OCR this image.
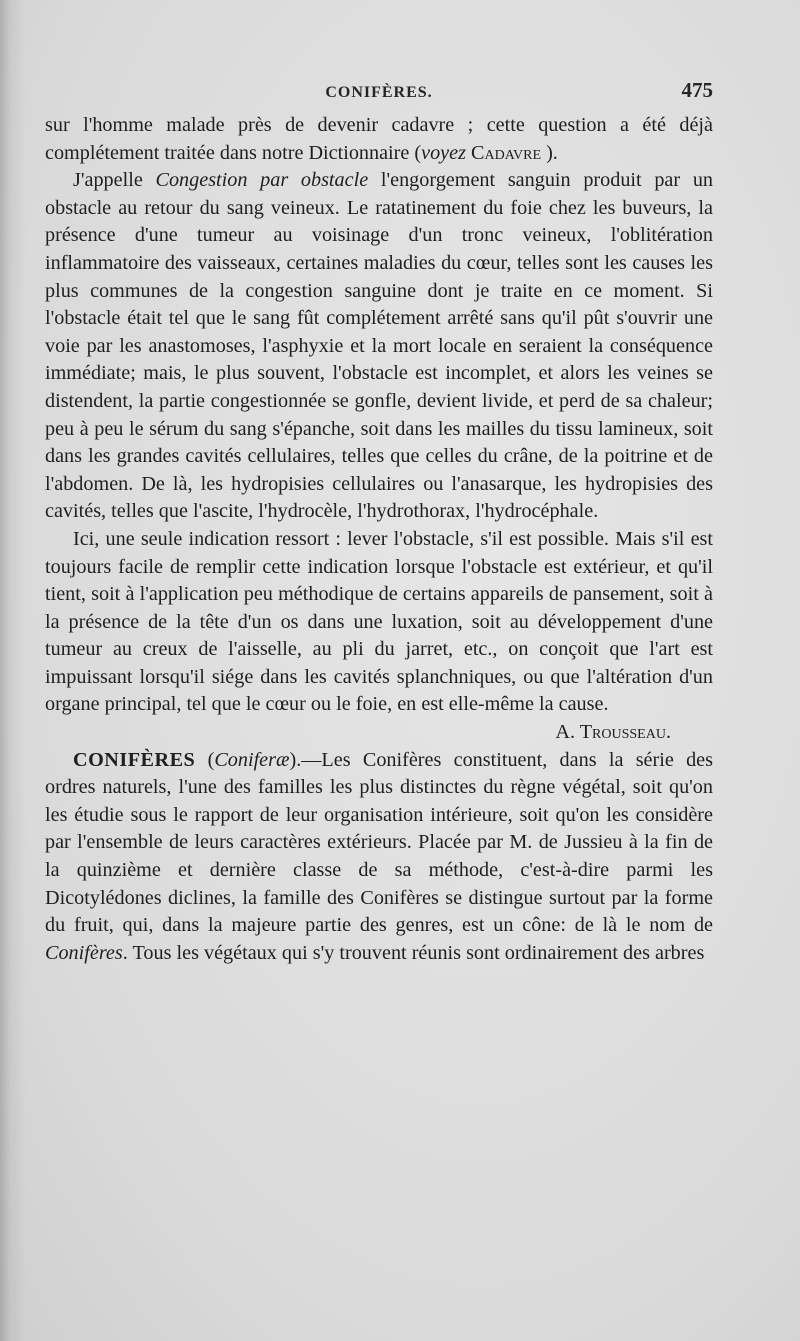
CONIFÈRES.	475

sur l'homme malade près de devenir cadavre ; cette question a été déjà complétement traitée dans notre Dictionnaire (voyez Cadavre ).

J'appelle Congestion par obstacle l'engorgement sanguin produit par un obstacle au retour du sang veineux. Le ratatinement du foie chez les buveurs, la présence d'une tumeur au voisinage d'un tronc veineux, l'oblitération inflammatoire des vaisseaux, certaines maladies du cœur, telles sont les causes les plus communes de la congestion sanguine dont je traite en ce moment. Si l'obstacle était tel que le sang fût complétement arrêté sans qu'il pût s'ouvrir une voie par les anastomoses, l'asphyxie et la mort locale en seraient la conséquence immédiate; mais, le plus souvent, l'obstacle est incomplet, et alors les veines se distendent, la partie congestionnée se gonfle, devient livide, et perd de sa chaleur; peu à peu le sérum du sang s'épanche, soit dans les mailles du tissu lamineux, soit dans les grandes cavités cellulaires, telles que celles du crâne, de la poitrine et de l'abdomen. De là, les hydropisies cellulaires ou l'anasarque, les hydropisies des cavités, telles que l'ascite, l'hydrocèle, l'hydrothorax, l'hydrocéphale.

Ici, une seule indication ressort : lever l'obstacle, s'il est possible. Mais s'il est toujours facile de remplir cette indication lorsque l'obstacle est extérieur, et qu'il tient, soit à l'application peu méthodique de certains appareils de pansement, soit à la présence de la tête d'un os dans une luxation, soit au développement d'une tumeur au creux de l'aisselle, au pli du jarret, etc., on conçoit que l'art est impuissant lorsqu'il siége dans les cavités splanchniques, ou que l'altération d'un organe principal, tel que le cœur ou le foie, en est elle-même la cause.

A. Trousseau.

CONIFÈRES (Coniferæ).—Les Conifères constituent, dans la série des ordres naturels, l'une des familles les plus distinctes du règne végétal, soit qu'on les étudie sous le rapport de leur organisation intérieure, soit qu'on les considère par l'ensemble de leurs caractères extérieurs. Placée par M. de Jussieu à la fin de la quinzième et dernière classe de sa méthode, c'est-à-dire parmi les Dicotylédones diclines, la famille des Conifères se distingue surtout par la forme du fruit, qui, dans la majeure partie des genres, est un cône: de là le nom de Conifères. Tous les végétaux qui s'y trouvent réunis sont ordinairement des arbres
